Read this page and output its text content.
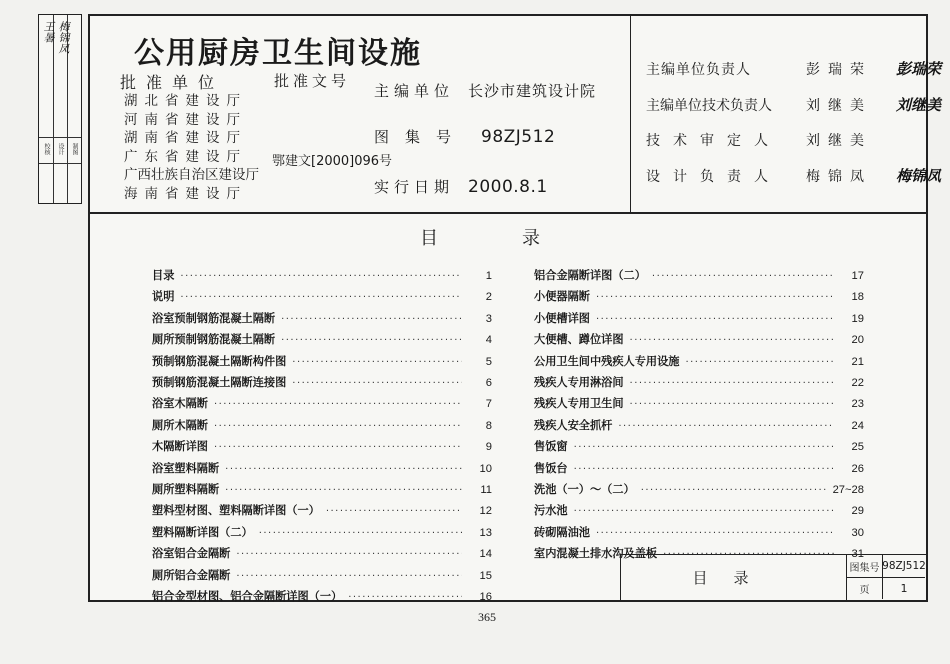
王暑 梅锦凤
校核 设计 制图
公用厨房卫生间设施
批准单位	批准文号
湖北省建设厅
河南省建设厅
湖南省建设厅
广东省建设厅
广西壮族自治区建设厅
海南省建设厅
鄂建文[2000]096号
主编单位 长沙市建筑设计院
图集号 98ZJ512
实行日期 2000.8.1
主编单位负责人	彭瑞荣 彭瑞荣
主编单位技术负责人 刘继美 刘继美
技术审定人 刘继美
设计负责人 梅锦凤 梅锦凤
目录
目录 ·····	1
说明 ·····	2
浴室预制钢筋混凝土隔断 ·····	3
厕所预制钢筋混凝土隔断 ·····	4
预制钢筋混凝土隔断构件图 ·····	5
预制钢筋混凝土隔断连接图 ·····	6
浴室木隔断 ·····	7
厕所木隔断 ·····	8
木隔断详图 ·····	9
浴室塑料隔断 ·····	10
厕所塑料隔断 ·····	11
塑料型材图、塑料隔断详图（一） ·····	12
塑料隔断详图（二） ·····	13
浴室铝合金隔断 ·····	14
厕所铝合金隔断 ·····	15
铝合金型材图、铝合金隔断详图（一） ·····	16
铝合金隔断详图（二） ·····	17
小便器隔断 ·····	18
小便槽详图 ·····	19
大便槽、蹲位详图 ·····	20
公用卫生间中残疾人专用设施 ·····	21
残疾人专用淋浴间 ·····	22
残疾人专用卫生间 ·····	23
残疾人安全抓杆 ·····	24
售饭窗 ·····	25
售饭台 ·····	26
洗池（一）～（二） ·····	27~28
污水池 ·····	29
砖砌隔油池 ·····	30
室内混凝土排水沟及盖板 ·····	31
目录
图集号 98ZJ512
页	1
365
